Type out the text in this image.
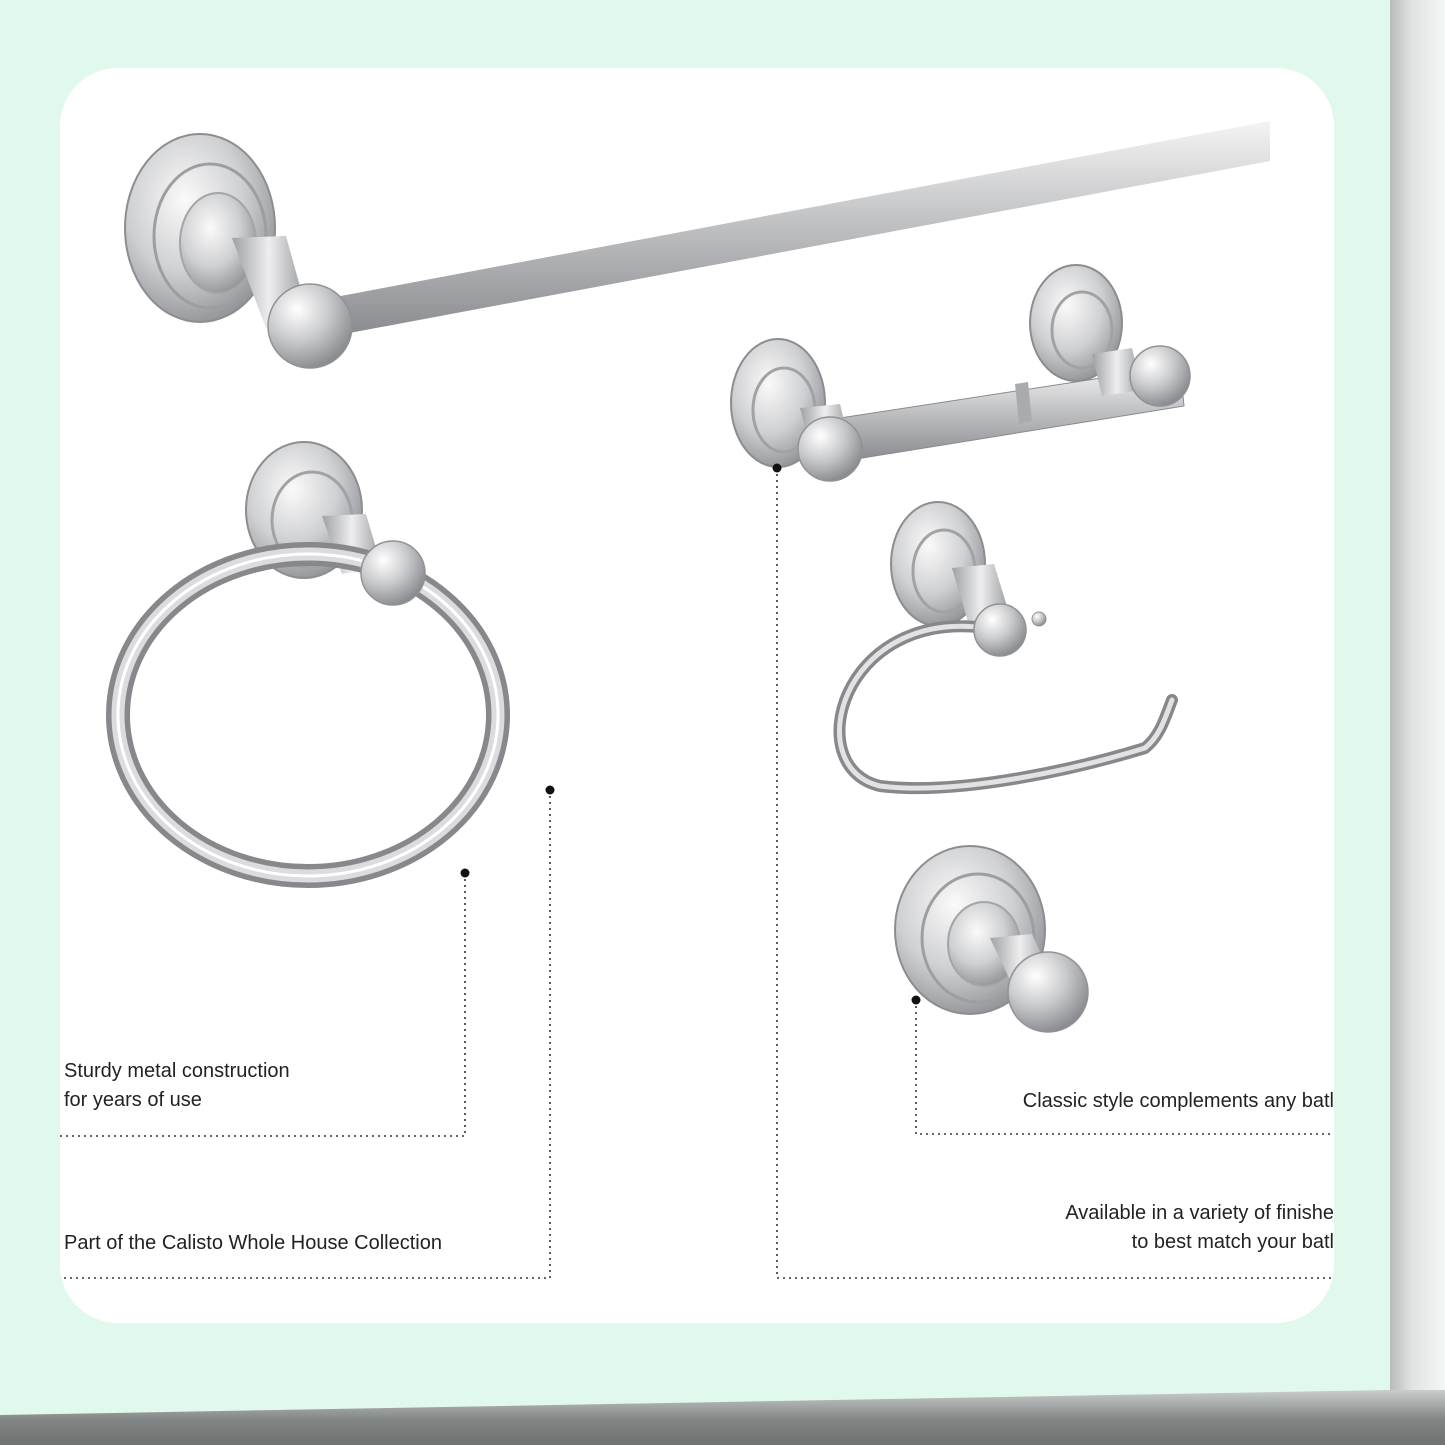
Sturdy metal construction
for years of use

Part of the Calisto Whole House Collection

Classic style complements any batl

Available in a variety of finishe
to best match your batl
